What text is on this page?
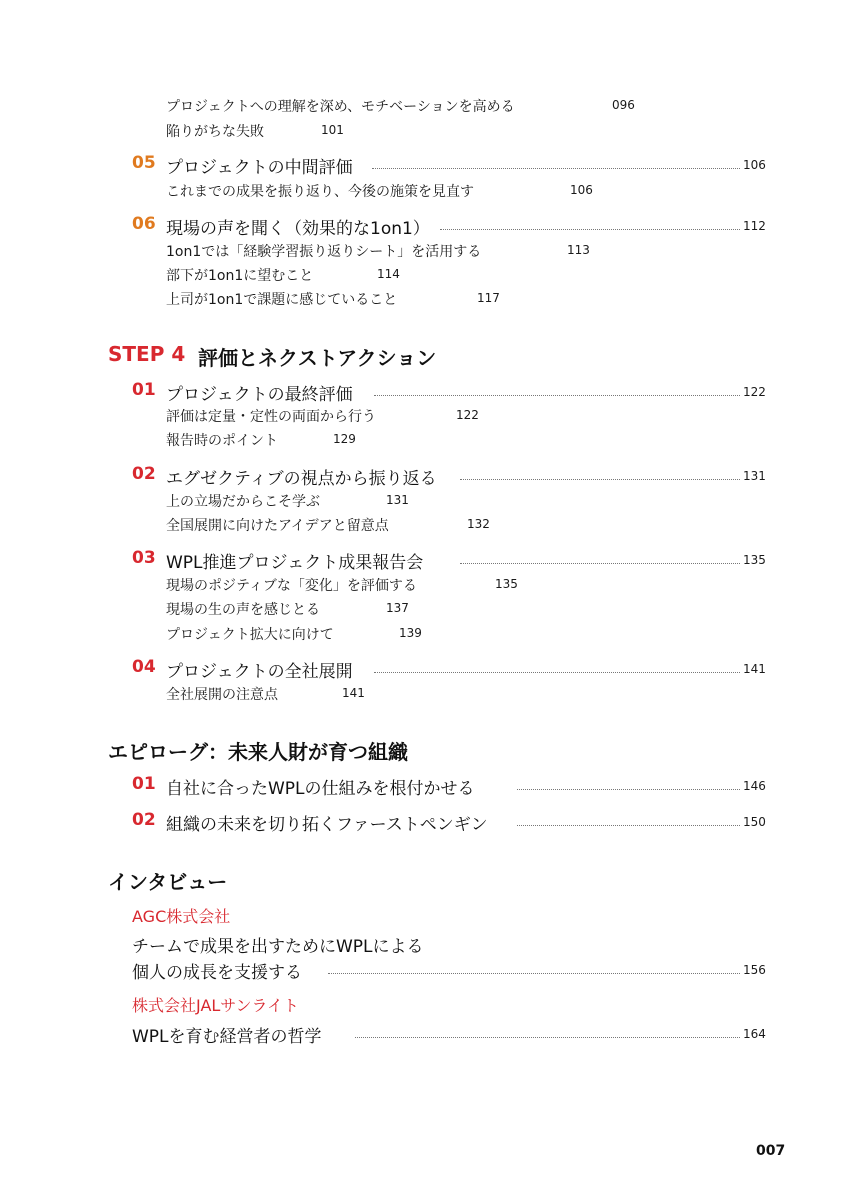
プロジェクトへの理解を深め、モチベーションを高める	096
陥りがちな失敗	101
05 プロジェクトの中間評価	106
これまでの成果を振り返り、今後の施策を見直す	106
06 現場の声を聞く（効果的な1on1）	112
1on1では「経験学習振り返りシート」を活用する	113
部下が1on1に望むこと	114
上司が1on1で課題に感じていること	117
STEP 4 評価とネクストアクション
01 プロジェクトの最終評価	122
評価は定量・定性の両面から行う	122
報告時のポイント	129
02 エグゼクティブの視点から振り返る	131
上の立場だからこそ学ぶ	131
全国展開に向けたアイデアと留意点	132
03 WPL推進プロジェクト成果報告会	135
現場のポジティブな「変化」を評価する	135
現場の生の声を感じとる	137
プロジェクト拡大に向けて	139
04 プロジェクトの全社展開	141
全社展開の注意点	141
エピローグ：未来人財が育つ組織
01 自社に合ったWPLの仕組みを根付かせる	146
02 組織の未来を切り拓くファーストペンギン	150
インタビュー
AGC株式会社
チームで成果を出すためにWPLによる
個人の成長を支援する	156
株式会社JALサンライト
WPLを育む経営者の哲学	164
007
